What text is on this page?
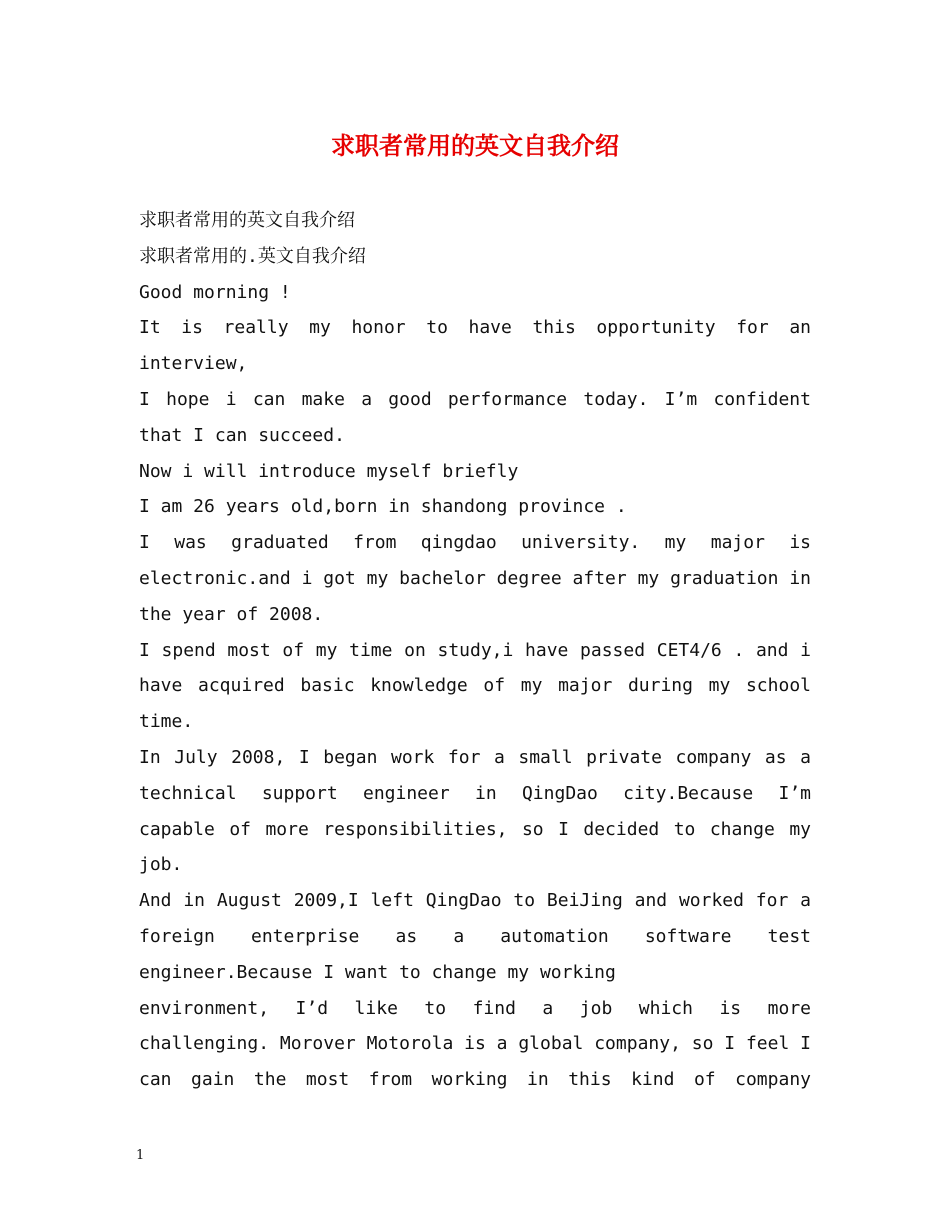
求职者常用的英文自我介绍
求职者常用的英文自我介绍
求职者常用的.英文自我介绍
Good morning !
It is really my honor to have this opportunity for an
interview,
I hope i can make a good performance today. I’m confident
that I can succeed.
Now i will introduce myself briefly
I am 26 years old,born in shandong province .
I was graduated from qingdao university. my major is
electronic.and i got my bachelor degree after my graduation in
the year of 2008.
I spend most of my time on study,i have passed CET4/6 . and i
have acquired basic knowledge of my major during my school
time.
In July 2008, I began work for a small private company as a
technical support engineer in QingDao city.Because I’m
capable of more responsibilities, so I decided to change my
job.
And in August 2009,I left QingDao to BeiJing and worked for a
foreign enterprise as a automation software test
engineer.Because I want to change my working
environment, I’d like to find a job which is more
challenging. Morover Motorola is a global company, so I feel I
can gain the most from working in this kind of company
1
